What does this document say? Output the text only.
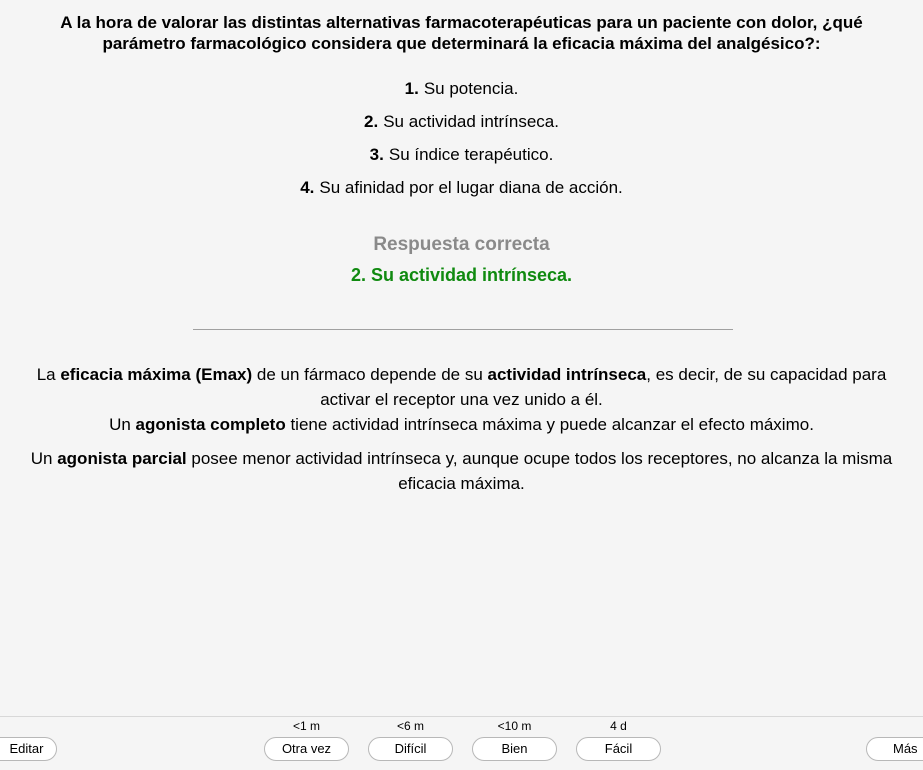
A la hora de valorar las distintas alternativas farmacoterapéuticas para un paciente con dolor, ¿qué parámetro farmacológico considera que determinará la eficacia máxima del analgésico?:
1. Su potencia.
2. Su actividad intrínseca.
3. Su índice terapéutico.
4. Su afinidad por el lugar diana de acción.
Respuesta correcta
2. Su actividad intrínseca.

La eficacia máxima (Emax) de un fármaco depende de su actividad intrínseca, es decir, de su capacidad para activar el receptor una vez unido a él.

Un agonista completo tiene actividad intrínseca máxima y puede alcanzar el efecto máximo.

Un agonista parcial posee menor actividad intrínseca y, aunque ocupe todos los receptores, no alcanza la misma eficacia máxima.

Editar
<1 m
Otra vez
<6 m
Difícil
<10 m
Bien
4 d
Fácil	Más
